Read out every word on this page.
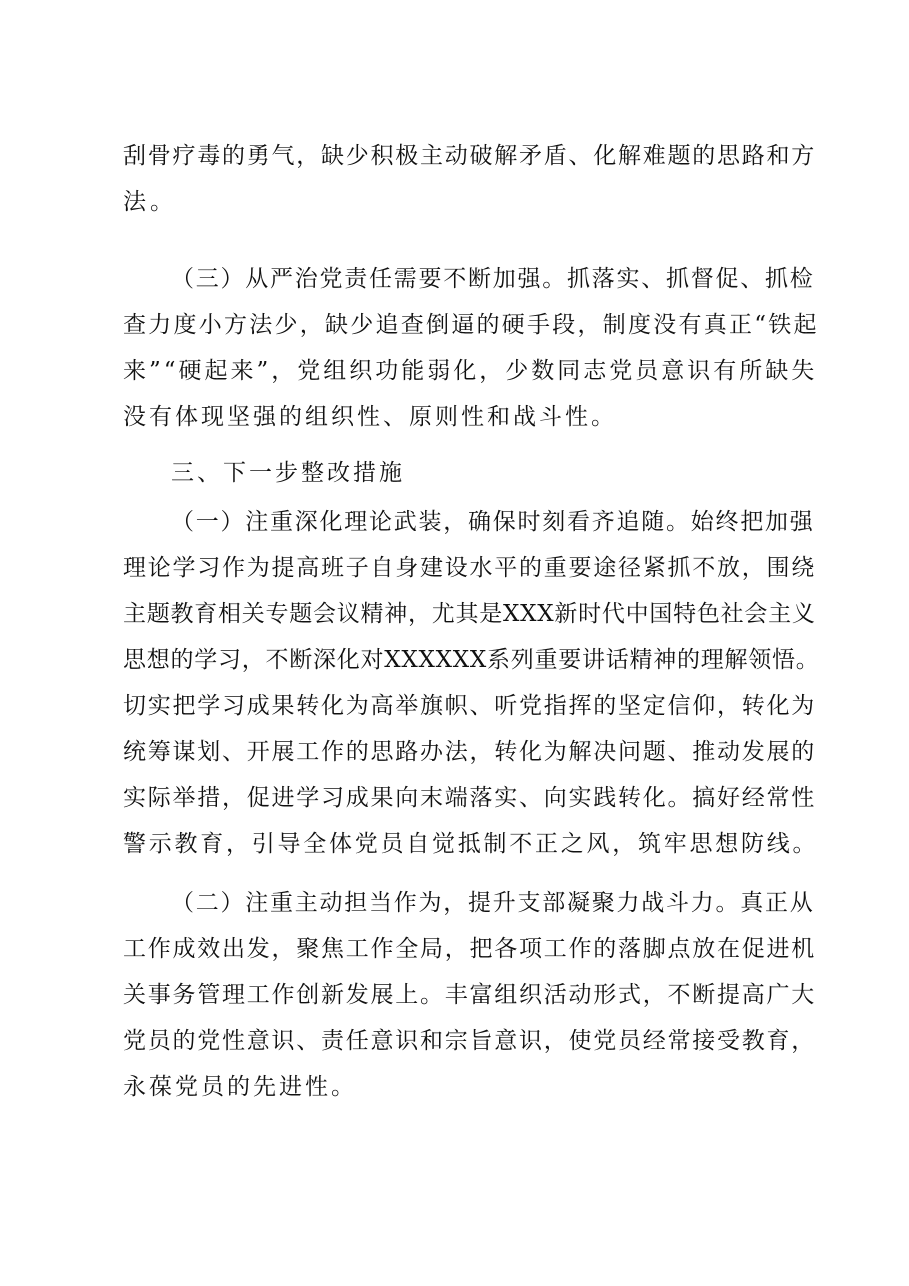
刮骨疗毒的勇气，缺少积极主动破解矛盾、化解难题的思路和方

法。

（三）从严治党责任需要不断加强。抓落实、抓督促、抓检

查力度小方法少，缺少追查倒逼的硬手段，制度没有真正“铁起

来”“硬起来”，党组织功能弱化，少数同志党员意识有所缺失

没有体现坚强的组织性、原则性和战斗性。

三、下一步整改措施

（一）注重深化理论武装，确保时刻看齐追随。始终把加强

理论学习作为提高班子自身建设水平的重要途径紧抓不放，围绕

主题教育相关专题会议精神，尤其是XXX新时代中国特色社会主义

思想的学习，不断深化对XXXXXX系列重要讲话精神的理解领悟。

切实把学习成果转化为高举旗帜、听党指挥的坚定信仰，转化为

统筹谋划、开展工作的思路办法，转化为解决问题、推动发展的

实际举措，促进学习成果向末端落实、向实践转化。搞好经常性

警示教育，引导全体党员自觉抵制不正之风，筑牢思想防线。

（二）注重主动担当作为，提升支部凝聚力战斗力。真正从

工作成效出发，聚焦工作全局，把各项工作的落脚点放在促进机

关事务管理工作创新发展上。丰富组织活动形式，不断提高广大

党员的党性意识、责任意识和宗旨意识，使党员经常接受教育，

永葆党员的先进性。
